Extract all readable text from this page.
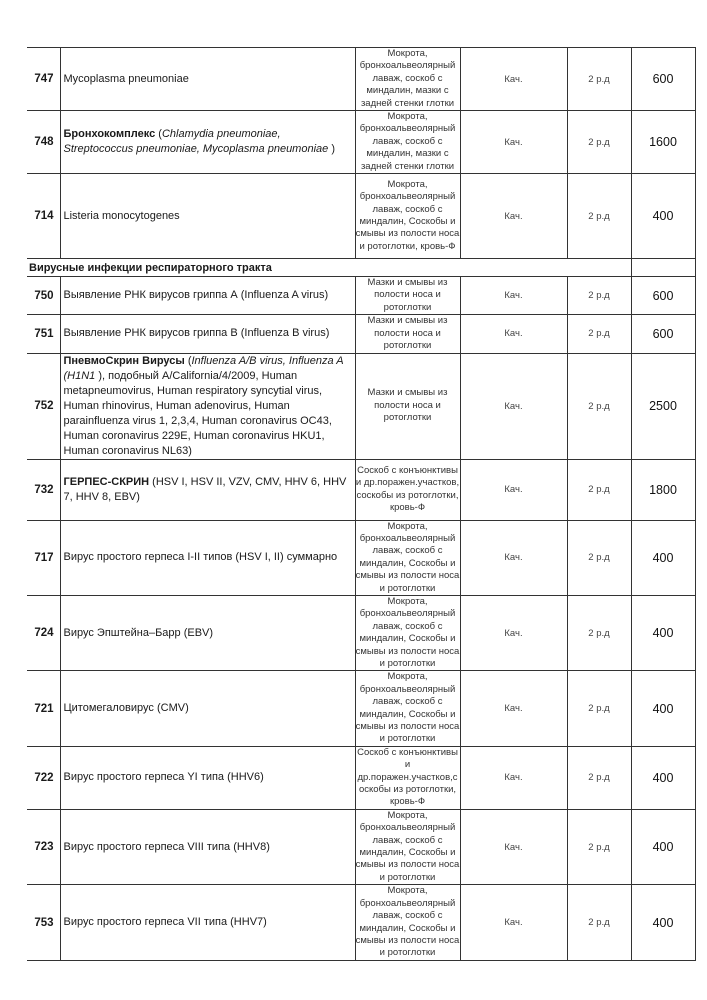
747	Mycoplasma pneumoniae	Мокрота, бронхоальвеолярный лаваж, соскоб с миндалин, мазки с задней стенки глотки	Кач.	2 р.д	600
748	Бронхокомплекс (Chlamydia pneumoniae, Streptococcus pneumoniae, Mycoplasma pneumoniae )	Мокрота, бронхоальвеолярный лаваж, соскоб с миндалин, мазки с задней стенки глотки	Кач.	2 р.д	1600
714	Listeria monocytogenes	Мокрота, бронхоальвеолярный лаваж, соскоб с миндалин, Соскобы и смывы из полости носа и ротоглотки, кровь-Ф	Кач.	2 р.д	400
Вирусные инфекции респираторного тракта					
750	Выявление РНК вирусов гриппа А (Influenza A virus)	Мазки и смывы из полости носа и ротоглотки	Кач.	2 р.д	600
751	Выявление РНК вирусов гриппа В (Influenza B virus)	Мазки и смывы из полости носа и ротоглотки	Кач.	2 р.д	600
752	ПневмоСкрин Вирусы (Influenza A/B virus, Influenza A (H1N1 ), подобный A/California/4/2009, Human metapneumovirus, Human respiratory syncytial virus, Human rhinovirus, Human adenovirus, Human parainfluenza virus 1, 2,3,4, Human coronavirus OC43, Human coronavirus 229E, Human coronavirus HKU1, Human coronavirus NL63)	Мазки и смывы из полости носа и ротоглотки	Кач.	2 р.д	2500
732	ГЕРПЕС-СКРИН (HSV I, HSV II, VZV, CMV, HHV 6, HHV 7, HHV 8, EBV)	Соскоб с конъюнктивы и др.поражен.участков, соскобы из ротоглотки, кровь-Ф	Кач.	2 р.д	1800
717	Вирус простого герпеса I-II типов (HSV I, II) суммарно	Мокрота, бронхоальвеолярный лаваж, соскоб с миндалин, Соскобы и смывы из полости носа и ротоглотки	Кач.	2 р.д	400
724	Вирус Эпштейна–Барр (EBV)	Мокрота, бронхоальвеолярный лаваж, соскоб с миндалин, Соскобы и смывы из полости носа и ротоглотки	Кач.	2 р.д	400
721	Цитомегаловирус (CMV)	Мокрота, бронхоальвеолярный лаваж, соскоб с миндалин, Соскобы и смывы из полости носа и ротоглотки	Кач.	2 р.д	400
722	Вирус простого герпеса YI типа (HHV6)	Соскоб с конъюнктивы и др.поражен.участков,с оскобы из ротоглотки, кровь-Ф	Кач.	2 р.д	400
723	Вирус простого герпеса VIII типа (HHV8)	Мокрота, бронхоальвеолярный лаваж, соскоб с миндалин, Соскобы и смывы из полости носа и ротоглотки	Кач.	2 р.д	400
753	Вирус простого герпеса VII типа (HHV7)	Мокрота, бронхоальвеолярный лаваж, соскоб с миндалин, Соскобы и смывы из полости носа и ротоглотки	Кач.	2 р.д	400
